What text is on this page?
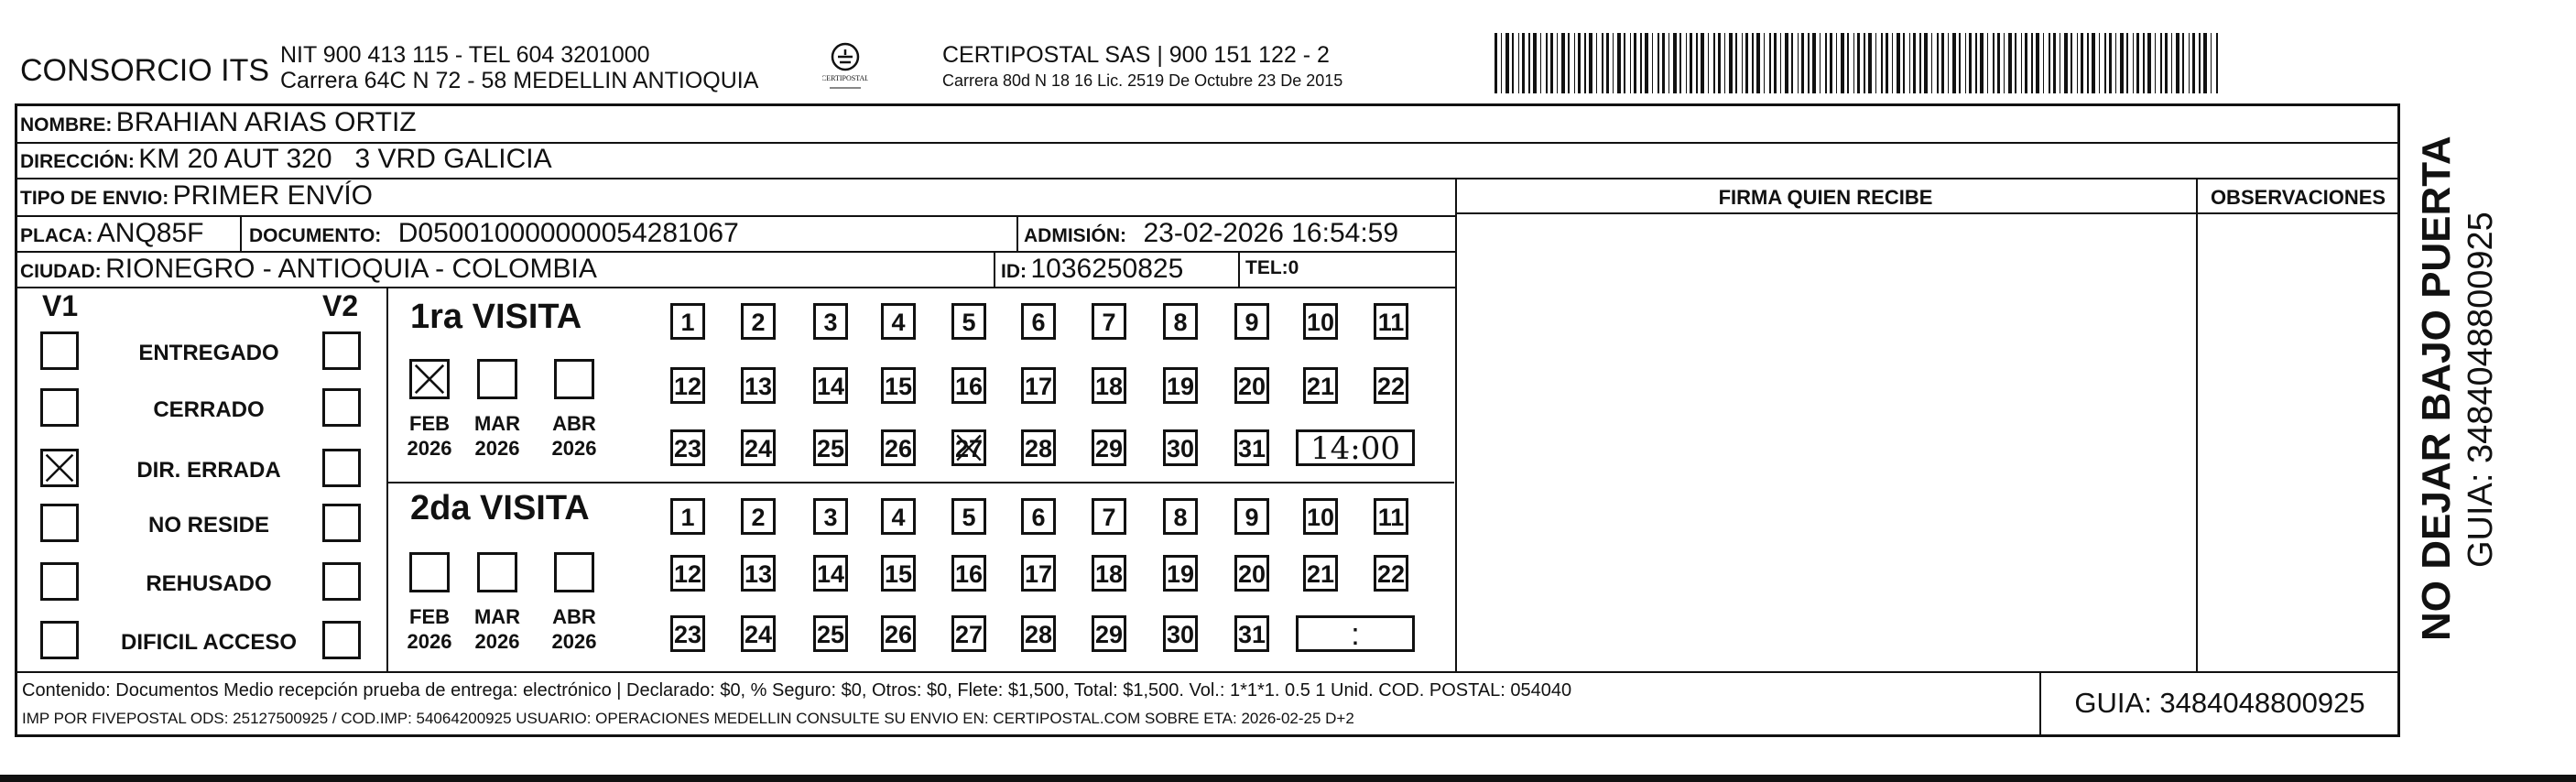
CONSORCIO ITS NIT 900 413 115 - TEL 604 3201000
Carrera 64C N 72 - 58 MEDELLIN ANTIOQUIA	CERTIPOSTAL
CERTIPOSTAL SAS | 900 151 122 - 2
Carrera 80d N 18 16 Lic. 2519 De Octubre 23 De 2015
NOMBRE: BRAHIAN ARIAS ORTIZ
DIRECCIÓN: KM 20 AUT 320   3 VRD GALICIA
TIPO DE ENVIO: PRIMER ENVÍO	FIRMA QUIEN RECIBE	OBSERVACIONES
PLACA: ANQ85F DOCUMENTO: D050010000000054281067	ADMISIÓN: 23-02-2026 16:54:59
CIUDAD: RIONEGRO - ANTIOQUIA - COLOMBIA	ID: 1036250825	TEL:0
V1	V2
ENTREGADO
CERRADO
DIR. ERRADA
NO RESIDE
REHUSADO
DIFICIL ACCESO
1ra VISITA
FEB
2026
MAR
2026
ABR
2026
1	2	3	4	5	6	7	8	9	10 11
12 13 14 15 16 17 18 19 20 21 22
23 24 25 26 27 28 29 30 31	14:00
2da VISITA
FEB
2026
MAR
2026
ABR
2026
1	2	3	4	5	6	7	8	9	10 11
12 13 14 15 16 17 18 19 20 21 22
23 24 25 26 27 28 29 30 31	:
Contenido: Documentos Medio recepción prueba de entrega: electrónico | Declarado: $0, % Seguro: $0, Otros: $0, Flete: $1,500, Total: $1,500. Vol.: 1*1*1. 0.5 1 Unid. COD. POSTAL: 054040
IMP POR FIVEPOSTAL ODS: 25127500925 / COD.IMP: 54064200925 USUARIO: OPERACIONES MEDELLIN CONSULTE SU ENVIO EN: CERTIPOSTAL.COM SOBRE ETA: 2026-02-25 D+2	GUIA: 3484048800925
NO DEJAR BAJO PUERTA GUIA: 3484048800925
